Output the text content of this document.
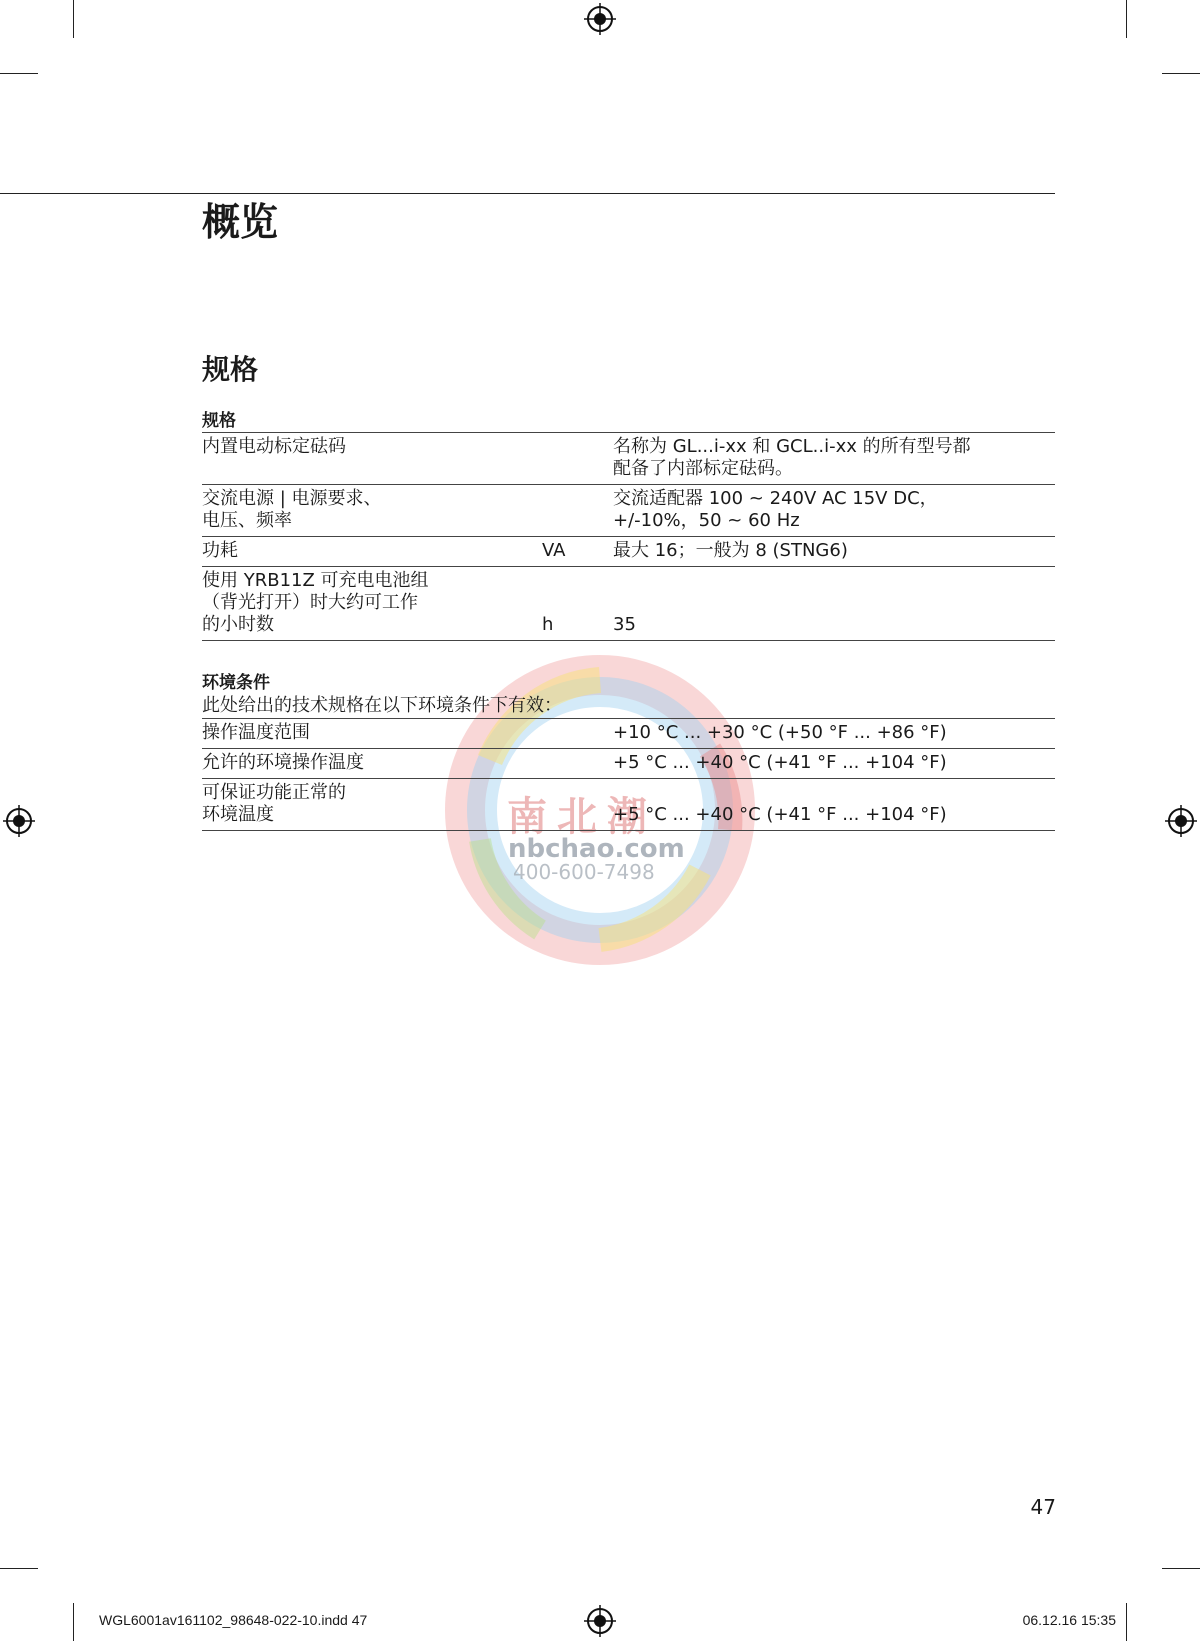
南北潮
nbchao.com
400-600-7498
概览
规格
规格
内置电动标定砝码		名称为 GL...i-xx 和 GCL..i-xx 的所有型号都
配备了内部标定砝码。
交流电源 | 电源要求、
电压、频率		交流适配器 100 ~ 240V AC 15V DC，
+/-10%，50 ~ 60 Hz
功耗	VA	最大 16；一般为 8 (STNG6)
使用 YRB11Z 可充电电池组
（背光打开）时大约可工作
的小时数	h	35
环境条件
此处给出的技术规格在以下环境条件下有效：
操作温度范围		+10 °C ... +30 °C (+50 °F ... +86 °F)
允许的环境操作温度		+5 °C ... +40 °C (+41 °F ... +104 °F)
可保证功能正常的
环境温度		+5 °C ... +40 °C (+41 °F ... +104 °F)
47
WGL6001av161102_98648-022-10.indd 47	06.12.16 15:35
